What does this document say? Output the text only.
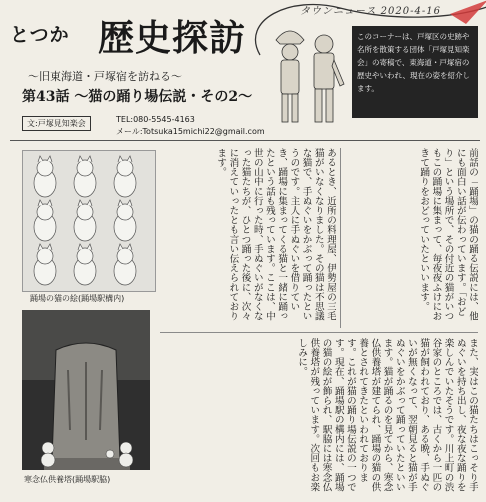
とつか 歴史探訪
タウンニュース 2020-4-16
～旧東海道・戸塚宿を訪ねる～
第43話 ～猫の踊り場伝説・その2～
このコーナーは、戸塚区の史跡や名所を散策する団体「戸塚見知楽会」の寄稿で、東海道・戸塚宿の歴史やいわれ、現在の姿を紹介します。
文:戸塚見知楽会	TEL:080-5545-4163
メール:Totsuka15michi22@gmail.com
踊場の猫の絵(踊場駅構内)
寒念仏供養塔(踊場駅脇)
前話の「踊場」の猫の踊る伝説には、他にも面白い話が伝わっています。「おどり」という場所で、その付近の猫がいつもこの踊場に集まって、毎夜夜ふけにおきて踊りをおどっていたといいます。
あるとき、近所の料理屋、伊勢屋の三毛猫がいなくなりました。その猫は不思議な猫で、手ぬぐいをかぶって踊ったというのです。主人に手ぬぐいを借りていき、踊場に集まってくる猫と一緒に踊ったという話も残っています。ここは、中世の山中に行った時、手ぬぐいがなくなった猫たちが、ひとつ踊った後に、次々に消えていったとも言い伝えられております。
また、実はこの猫たちはこっそり手ぬぐいを持ち出し、夜な夜な踊りを楽しんでいたそうです。川上町の渋谷家のところでは、古くから一匹の猫が飼われており、ある晩、手ぬぐいが無くなって、翌朝見ると猫が手ぬぐいをかぶって踊っていたといいます。猫が踊るのを見てから、寒念仏供養塔が建てられ、踊場の猫の供養とされてきたといわれております。これが猫の踊り場伝説の一つです。現在、踊場駅の構内には、踊場の猫の絵が飾られ、駅脇には寒念仏供養塔が残っています。次回もお楽しみに。
